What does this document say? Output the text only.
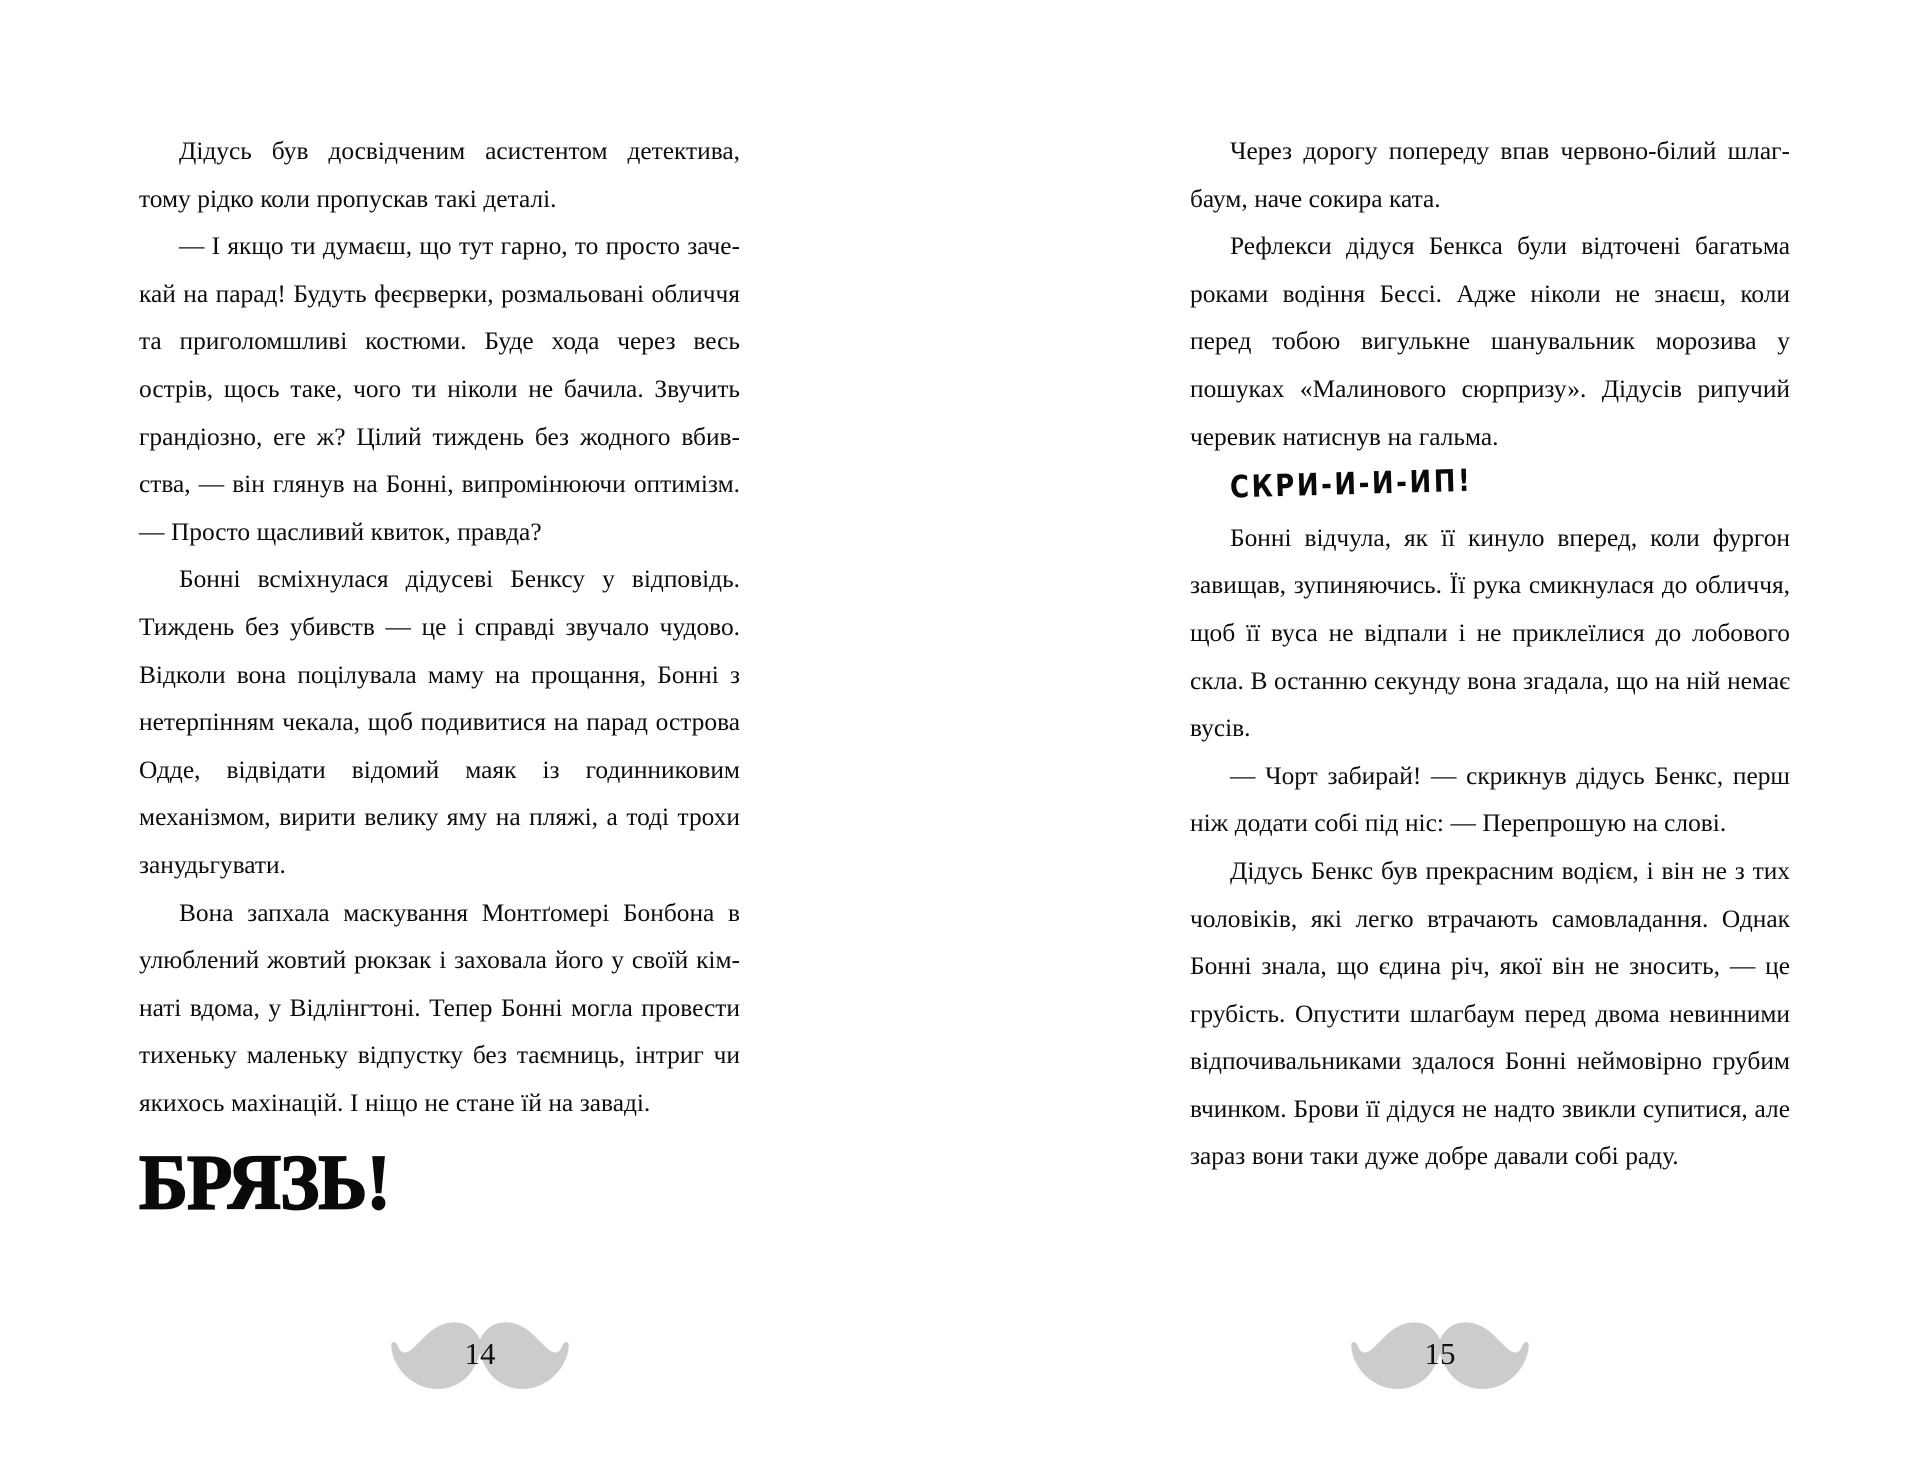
Дідусь був досвідченим асистентом детектива, тому рідко коли пропускав такі деталі.

— І якщо ти думаєш, що тут гарно, то просто зачекай на парад! Будуть феєрверки, розмальовані обличчя та приголомшливі костюми. Буде хода через весь острів, щось таке, чого ти ніколи не бачила. Звучить грандіозно, еге ж? Цілий тиждень без жодного вбивства, — він глянув на Бонні, випромінюючи оптимізм. — Просто щасливий квиток, правда?

Бонні всміхнулася дідусеві Бенксу у відповідь. Тиждень без убивств — це і справді звучало чудово. Відколи вона поцілувала маму на прощання, Бонні з нетерпінням чекала, щоб подивитися на парад острова Одде, відвідати відомий маяк із годинниковим механізмом, вирити велику яму на пляжі, а тоді трохи занудьгувати.

Вона запхала маскування Монтґомері Бонбона в улюблений жовтий рюкзак і заховала його у своїй кімнаті вдома, у Відлінгтоні. Тепер Бонні могла провести тихеньку маленьку відпустку без таємниць, інтриг чи якихось махінацій. І ніщо не стане їй на заваді.

БРЯЗЬ!

14

Через дорогу попереду впав червоно-білий шлагбаум, наче сокира ката.

Рефлекси дідуся Бенкса були відточені багатьма роками водіння Бессі. Адже ніколи не знаєш, коли перед тобою вигулькне шанувальник морозива у пошуках «Малинового сюрпризу». Дідусів рипучий черевик натиснув на гальма.

СКРИ-И-И-ИП!

Бонні відчула, як її кинуло вперед, коли фургон завищав, зупиняючись. Її рука смикнулася до обличчя, щоб її вуса не відпали і не приклеїлися до лобового скла. В останню секунду вона згадала, що на ній немає вусів.

— Чорт забирай! — скрикнув дідусь Бенкс, перш ніж додати собі під ніс: — Перепрошую на слові.

Дідусь Бенкс був прекрасним водієм, і він не з тих чоловіків, які легко втрачають самовладання. Однак Бонні знала, що єдина річ, якої він не зносить, — це грубість. Опустити шлагбаум перед двома невинними відпочивальниками здалося Бонні неймовірно грубим вчинком. Брови її дідуся не надто звикли супитися, але зараз вони таки дуже добре давали собі раду.

15
